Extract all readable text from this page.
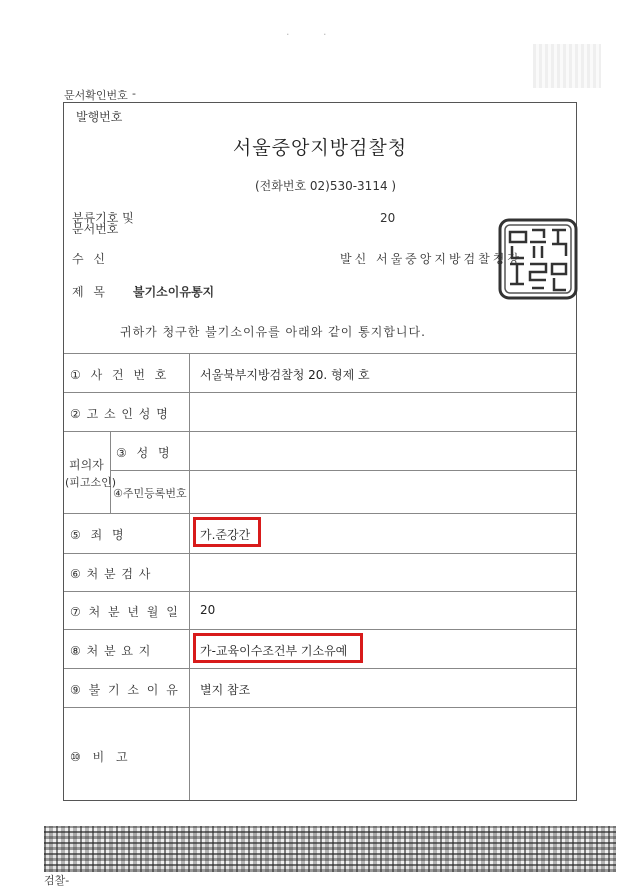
·	·
문서확인번호 -
발행번호
서울중앙지방검찰청
(전화번호 02)530-3114 )
분류기호 및
문서번호
20
수 신	발신 서울중앙지방검찰청장
제 목 불기소이유통지
귀하가 청구한 불기소이유를 아래와 같이 통지합니다.
① 사 건 번 호
② 고 소 인 성 명
피의자
(피고소인)
③ 성 명
④주민등록번호
⑤ 죄 명
⑥ 처 분 검 사
⑦ 처 분 년 월 일
⑧ 처 분 요 지
⑨ 불 기 소 이 유
⑩ 비 고
서울북부지방검찰청 20. 형제 호
가.준강간
20
가-교육이수조건부 기소유예
별지 참조
검찰-
